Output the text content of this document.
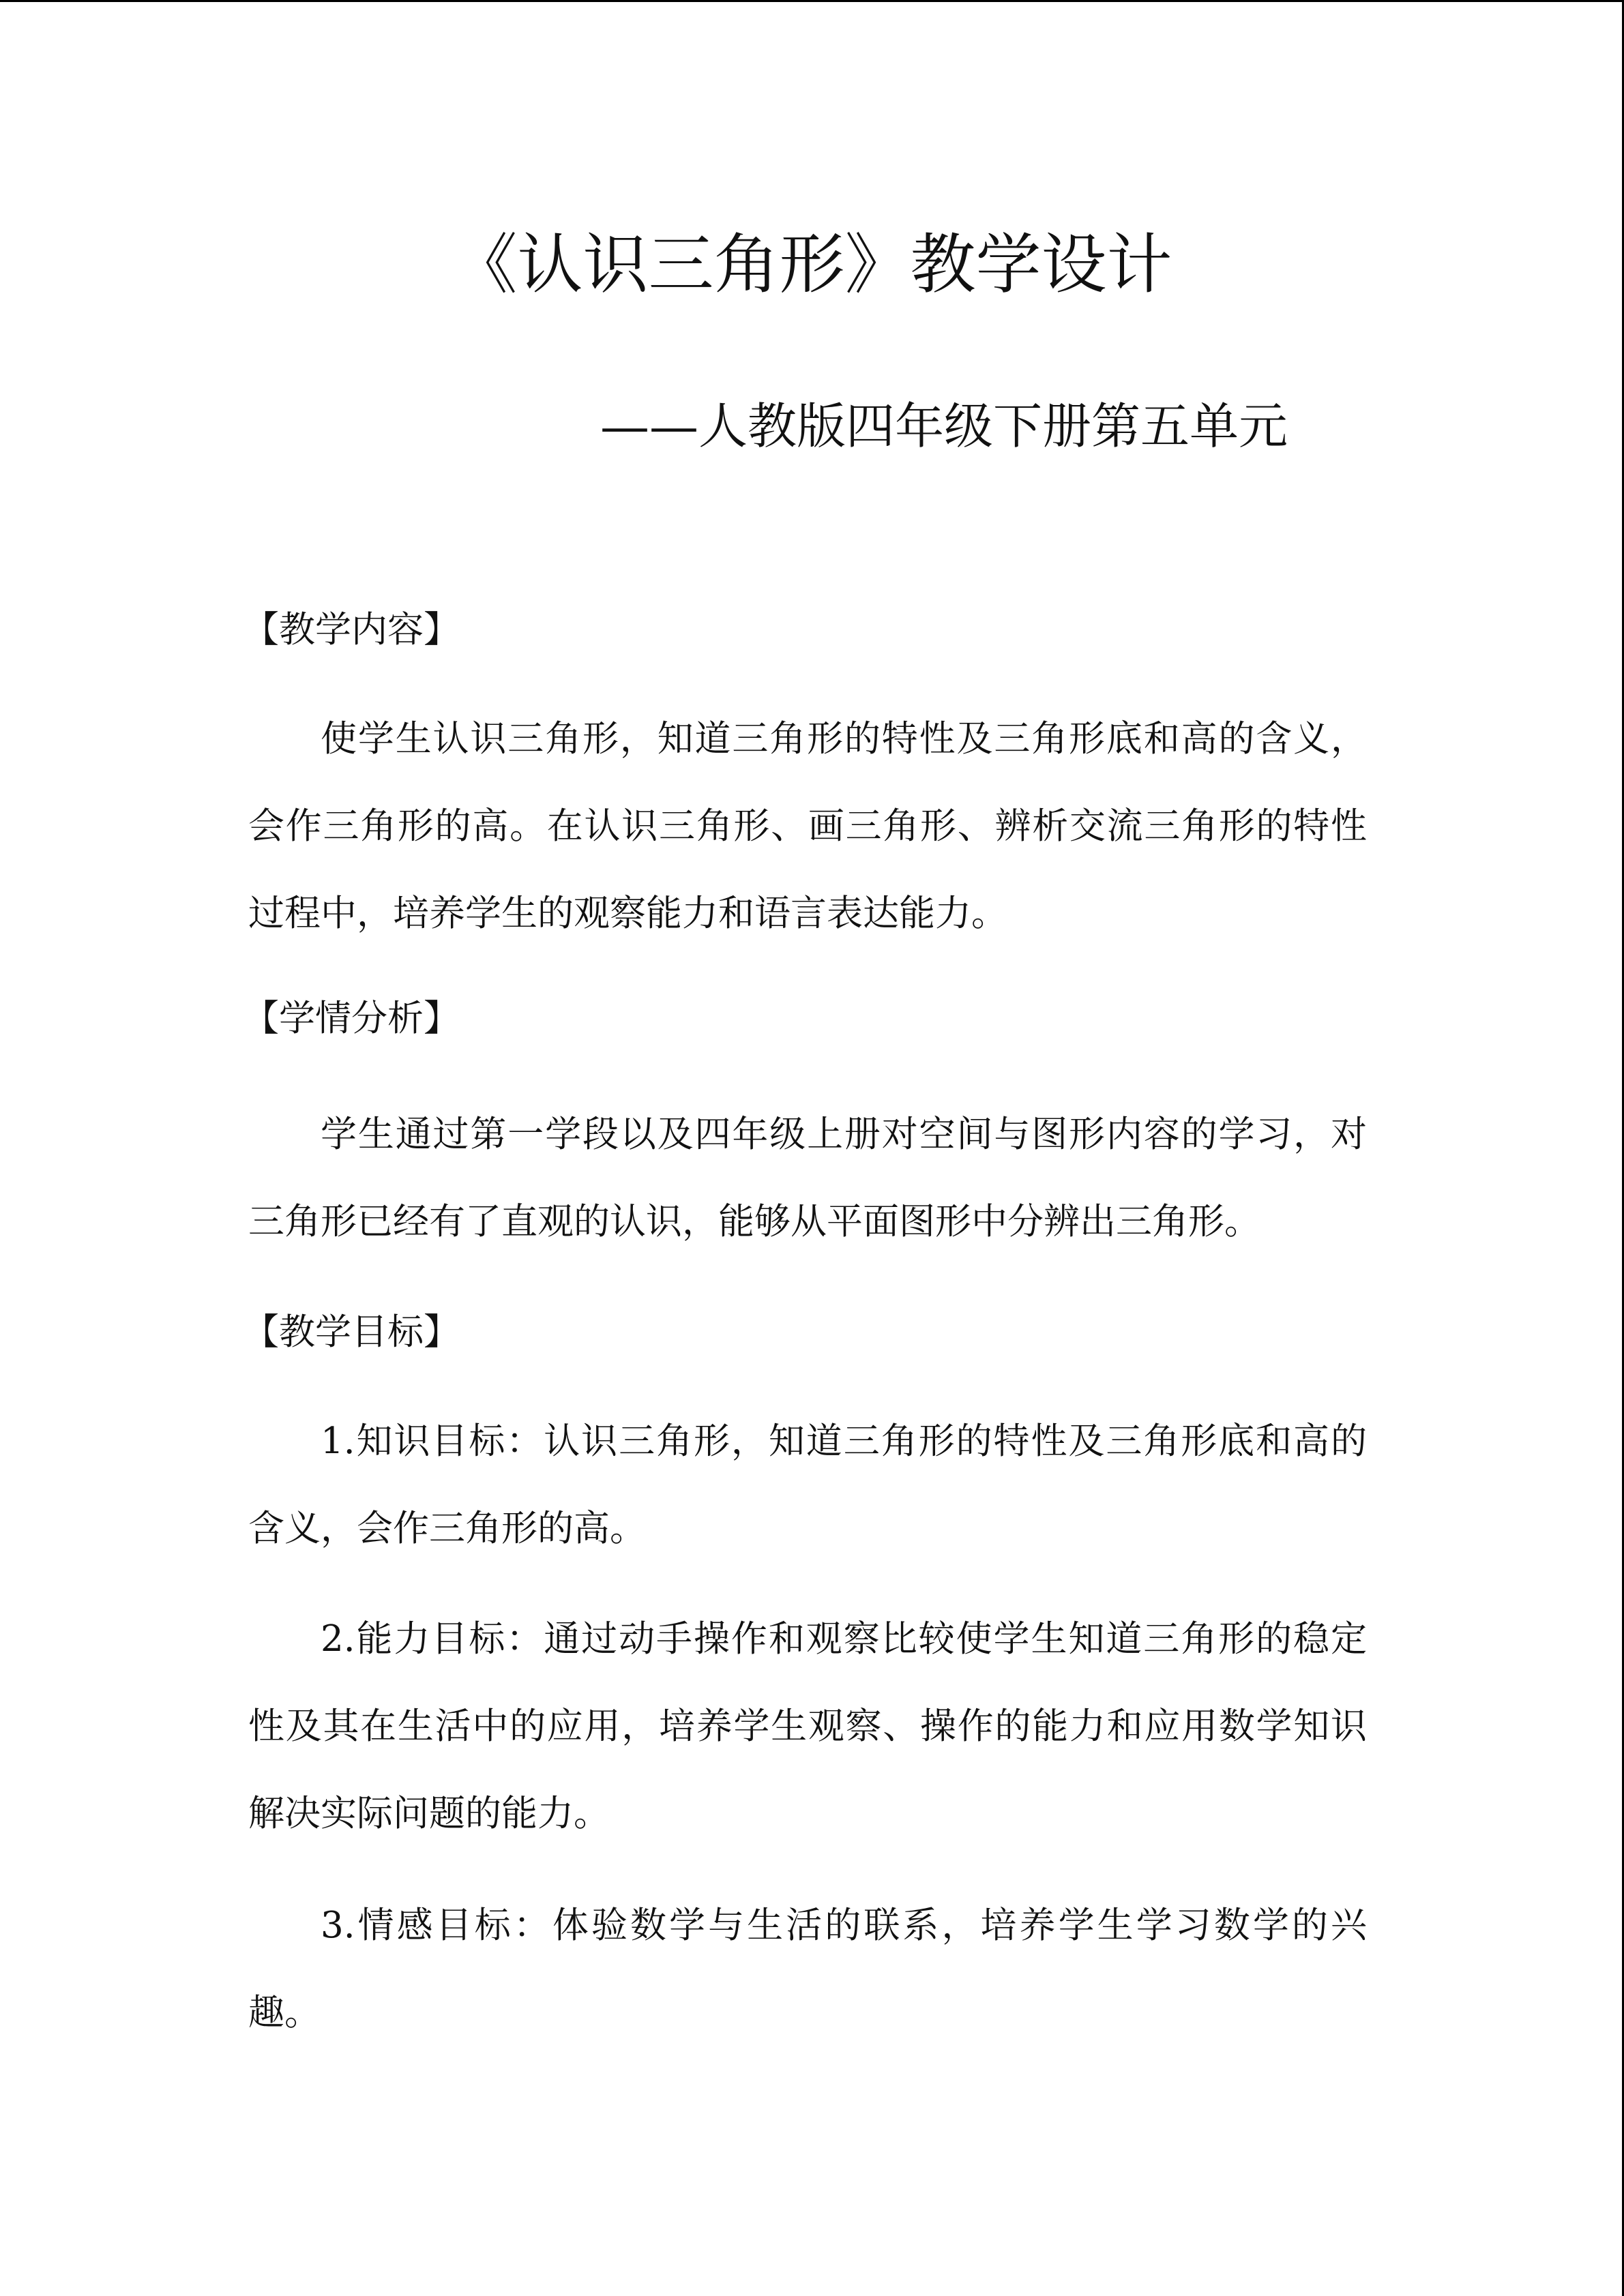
《认识三角形》教学设计

——人教版四年级下册第五单元

【教学内容】

使学生认识三角形，知道三角形的特性及三角形底和高的含义，会作三角形的高。在认识三角形、画三角形、辨析交流三角形的特性过程中，培养学生的观察能力和语言表达能力。

【学情分析】

学生通过第一学段以及四年级上册对空间与图形内容的学习，对三角形已经有了直观的认识，能够从平面图形中分辨出三角形。

【教学目标】

1.知识目标：认识三角形，知道三角形的特性及三角形底和高的含义，会作三角形的高。

2.能力目标：通过动手操作和观察比较使学生知道三角形的稳定性及其在生活中的应用，培养学生观察、操作的能力和应用数学知识解决实际问题的能力。

3.情感目标：体验数学与生活的联系，培养学生学习数学的兴趣。
